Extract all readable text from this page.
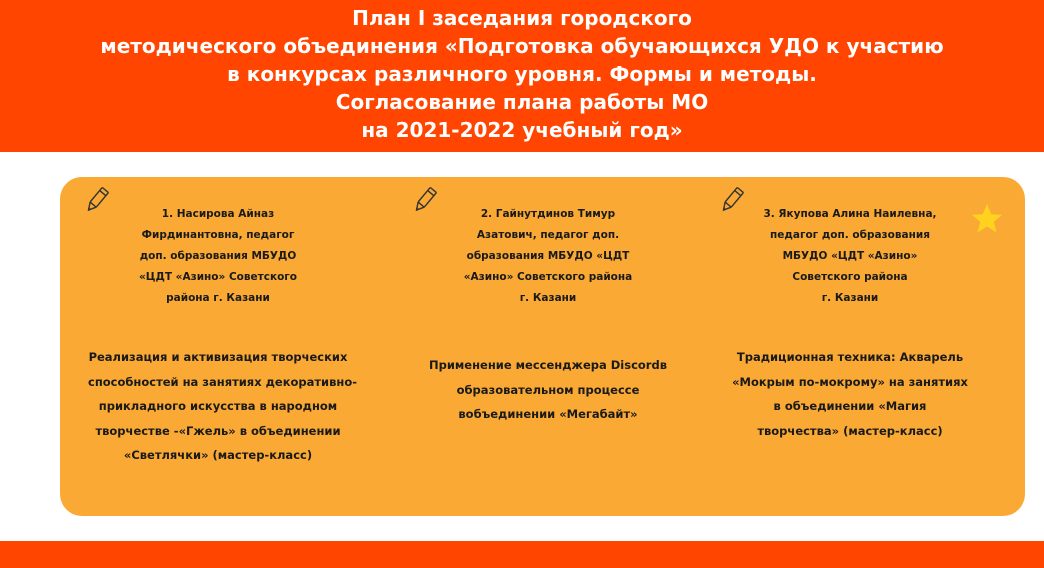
План I заседания городского
методического объединения «Подготовка обучающихся УДО к участию
в конкурсах различного уровня. Формы и методы.
Согласование плана работы МО
на 2021-2022 учебный год»
1. Насирова Айназ
Фирдинантовна, педагог
доп. образования МБУДО
«ЦДТ «Азино» Советского
района г. Казани
Реализация и активизация творческих
способностей на занятиях декоративно-
прикладного искусства в народном
творчестве -«Гжель» в объединении
«Светлячки» (мастер-класс)
2. Гайнутдинов Тимур
Азатович, педагог доп.
образования МБУДО «ЦДТ
«Азино» Советского района
г. Казани
Применение мессенджера Discordв
образовательном процессе
вобъединении «Мегабайт»
3. Якупова Алина Наилевна,
педагог доп. образования
МБУДО «ЦДТ «Азино»
Советского района
г. Казани
Традиционная техника: Акварель
«Мокрым по-мокрому» на занятиях
в объединении «Магия
творчества» (мастер-класс)
